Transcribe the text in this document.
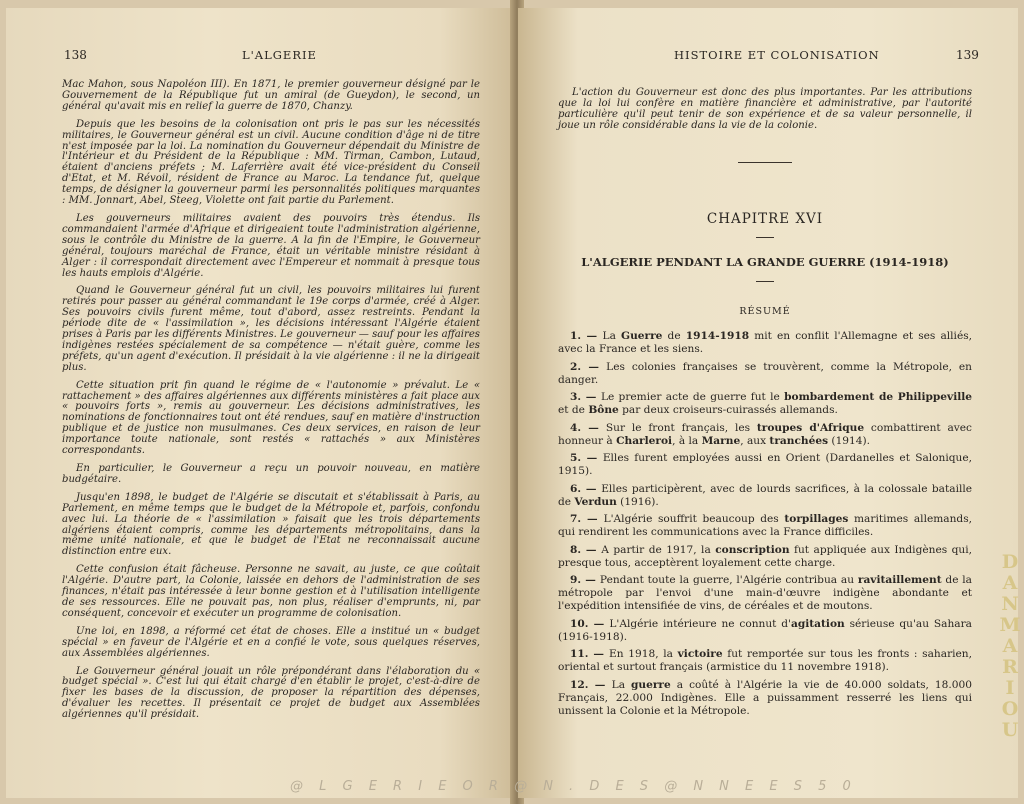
138	L'ALGERIE

Mac Mahon, sous Napoléon III). En 1871, le premier gouverneur désigné par le Gouvernement de la République fut un amiral (de Gueydon), le second, un général qu'avait mis en relief la guerre de 1870, Chanzy.

Depuis que les besoins de la colonisation ont pris le pas sur les nécessités militaires, le Gouverneur général est un civil. Aucune condition d'âge ni de titre n'est imposée par la loi. La nomination du Gouverneur dépendait du Ministre de l'Intérieur et du Président de la République : MM. Tirman, Cambon, Lutaud, étaient d'anciens préfets ; M. Laferrière avait été vice-président du Conseil d'Etat, et M. Révoil, résident de France au Maroc. La tendance fut, quelque temps, de désigner la gouverneur parmi les personnalités politiques marquantes : MM. Jonnart, Abel, Steeg, Violette ont fait partie du Parlement.

Les gouverneurs militaires avaient des pouvoirs très étendus. Ils commandaient l'armée d'Afrique et dirigeaient toute l'administration algérienne, sous le contrôle du Ministre de la guerre. A la fin de l'Empire, le Gouverneur général, toujours maréchal de France, était un véritable ministre résidant à Alger : il correspondait directement avec l'Empereur et nommait à presque tous les hauts emplois d'Algérie.

Quand le Gouverneur général fut un civil, les pouvoirs militaires lui furent retirés pour passer au général commandant le 19e corps d'armée, créé à Alger. Ses pouvoirs civils furent même, tout d'abord, assez restreints. Pendant la période dite de « l'assimilation », les décisions intéressant l'Algérie étaient prises à Paris par les différents Ministres. Le gouverneur — sauf pour les affaires indigènes restées spécialement de sa compétence — n'était guère, comme les préfets, qu'un agent d'exécution. Il présidait à la vie algérienne : il ne la dirigeait plus.

Cette situation prit fin quand le régime de « l'autonomie » prévalut. Le « rattachement » des affaires algériennes aux différents ministères a fait place aux « pouvoirs forts », remis au gouverneur. Les décisions administratives, les nominations de fonctionnaires tout ont été rendues, sauf en matière d'instruction publique et de justice non musulmanes. Ces deux services, en raison de leur importance toute nationale, sont restés « rattachés » aux Ministères correspondants.

En particulier, le Gouverneur a reçu un pouvoir nouveau, en matière budgétaire.

Jusqu'en 1898, le budget de l'Algérie se discutait et s'établissait à Paris, au Parlement, en même temps que le budget de la Métropole et, parfois, confondu avec lui. La théorie de « l'assimilation » faisait que les trois départements algériens étaient compris, comme les départements métropolitains, dans la même unité nationale, et que le budget de l'Etat ne reconnaissait aucune distinction entre eux.

Cette confusion était fâcheuse. Personne ne savait, au juste, ce que coûtait l'Algérie. D'autre part, la Colonie, laissée en dehors de l'administration de ses finances, n'était pas intéressée à leur bonne gestion et à l'utilisation intelligente de ses ressources. Elle ne pouvait pas, non plus, réaliser d'emprunts, ni, par conséquent, concevoir et exécuter un programme de colonisation.

Une loi, en 1898, a réformé cet état de choses. Elle a institué un « budget spécial » en faveur de l'Algérie et en a confié le vote, sous quelques réserves, aux Assemblées algériennes.

Le Gouverneur général jouait un rôle prépondérant dans l'élaboration du « budget spécial ». C'est lui qui était chargé d'en établir le projet, c'est-à-dire de fixer les bases de la discussion, de proposer la répartition des dépenses, d'évaluer les recettes. Il présentait ce projet de budget aux Assemblées algériennes qu'il présidait.

HISTOIRE ET COLONISATION	139

L'action du Gouverneur est donc des plus importantes. Par les attributions que la loi lui confère en matière financière et administrative, par l'autorité particulière qu'il peut tenir de son expérience et de sa valeur personnelle, il joue un rôle considérable dans la vie de la colonie.

CHAPITRE XVI
L'ALGERIE PENDANT LA GRANDE GUERRE (1914-1918)
RÉSUMÉ

1. — La Guerre de 1914-1918 mit en conflit l'Allemagne et ses alliés, avec la France et les siens.

2. — Les colonies françaises se trouvèrent, comme la Métropole, en danger.

3. — Le premier acte de guerre fut le bombardement de Philippeville et de Bône par deux croiseurs-cuirassés allemands.

4. — Sur le front français, les troupes d'Afrique combattirent avec honneur à Charleroi, à la Marne, aux tranchées (1914).

5. — Elles furent employées aussi en Orient (Dardanelles et Salonique, 1915).

6. — Elles participèrent, avec de lourds sacrifices, à la colossale bataille de Verdun (1916).

7. — L'Algérie souffrit beaucoup des torpillages maritimes allemands, qui rendirent les communications avec la France difficiles.

8. — A partir de 1917, la conscription fut appliquée aux Indigènes qui, presque tous, acceptèrent loyalement cette charge.

9. — Pendant toute la guerre, l'Algérie contribua au ravitaillement de la métropole par l'envoi d'une main-d'œuvre indigène abondante et l'expédition intensifiée de vins, de céréales et de moutons.

10. — L'Algérie intérieure ne connut d'agitation sérieuse qu'au Sahara (1916-1918).

11. — En 1918, la victoire fut remportée sur tous les fronts : saharien, oriental et surtout français (armistice du 11 novembre 1918).

12. — La guerre a coûté à l'Algérie la vie de 40.000 soldats, 18.000 Français, 22.000 Indigènes. Elle a puissamment resserré les liens qui unissent la Colonie et la Métropole.

@ L G E R I E O R @ N . D E S @ N N E E S 5 0
D A N M A R I O U
